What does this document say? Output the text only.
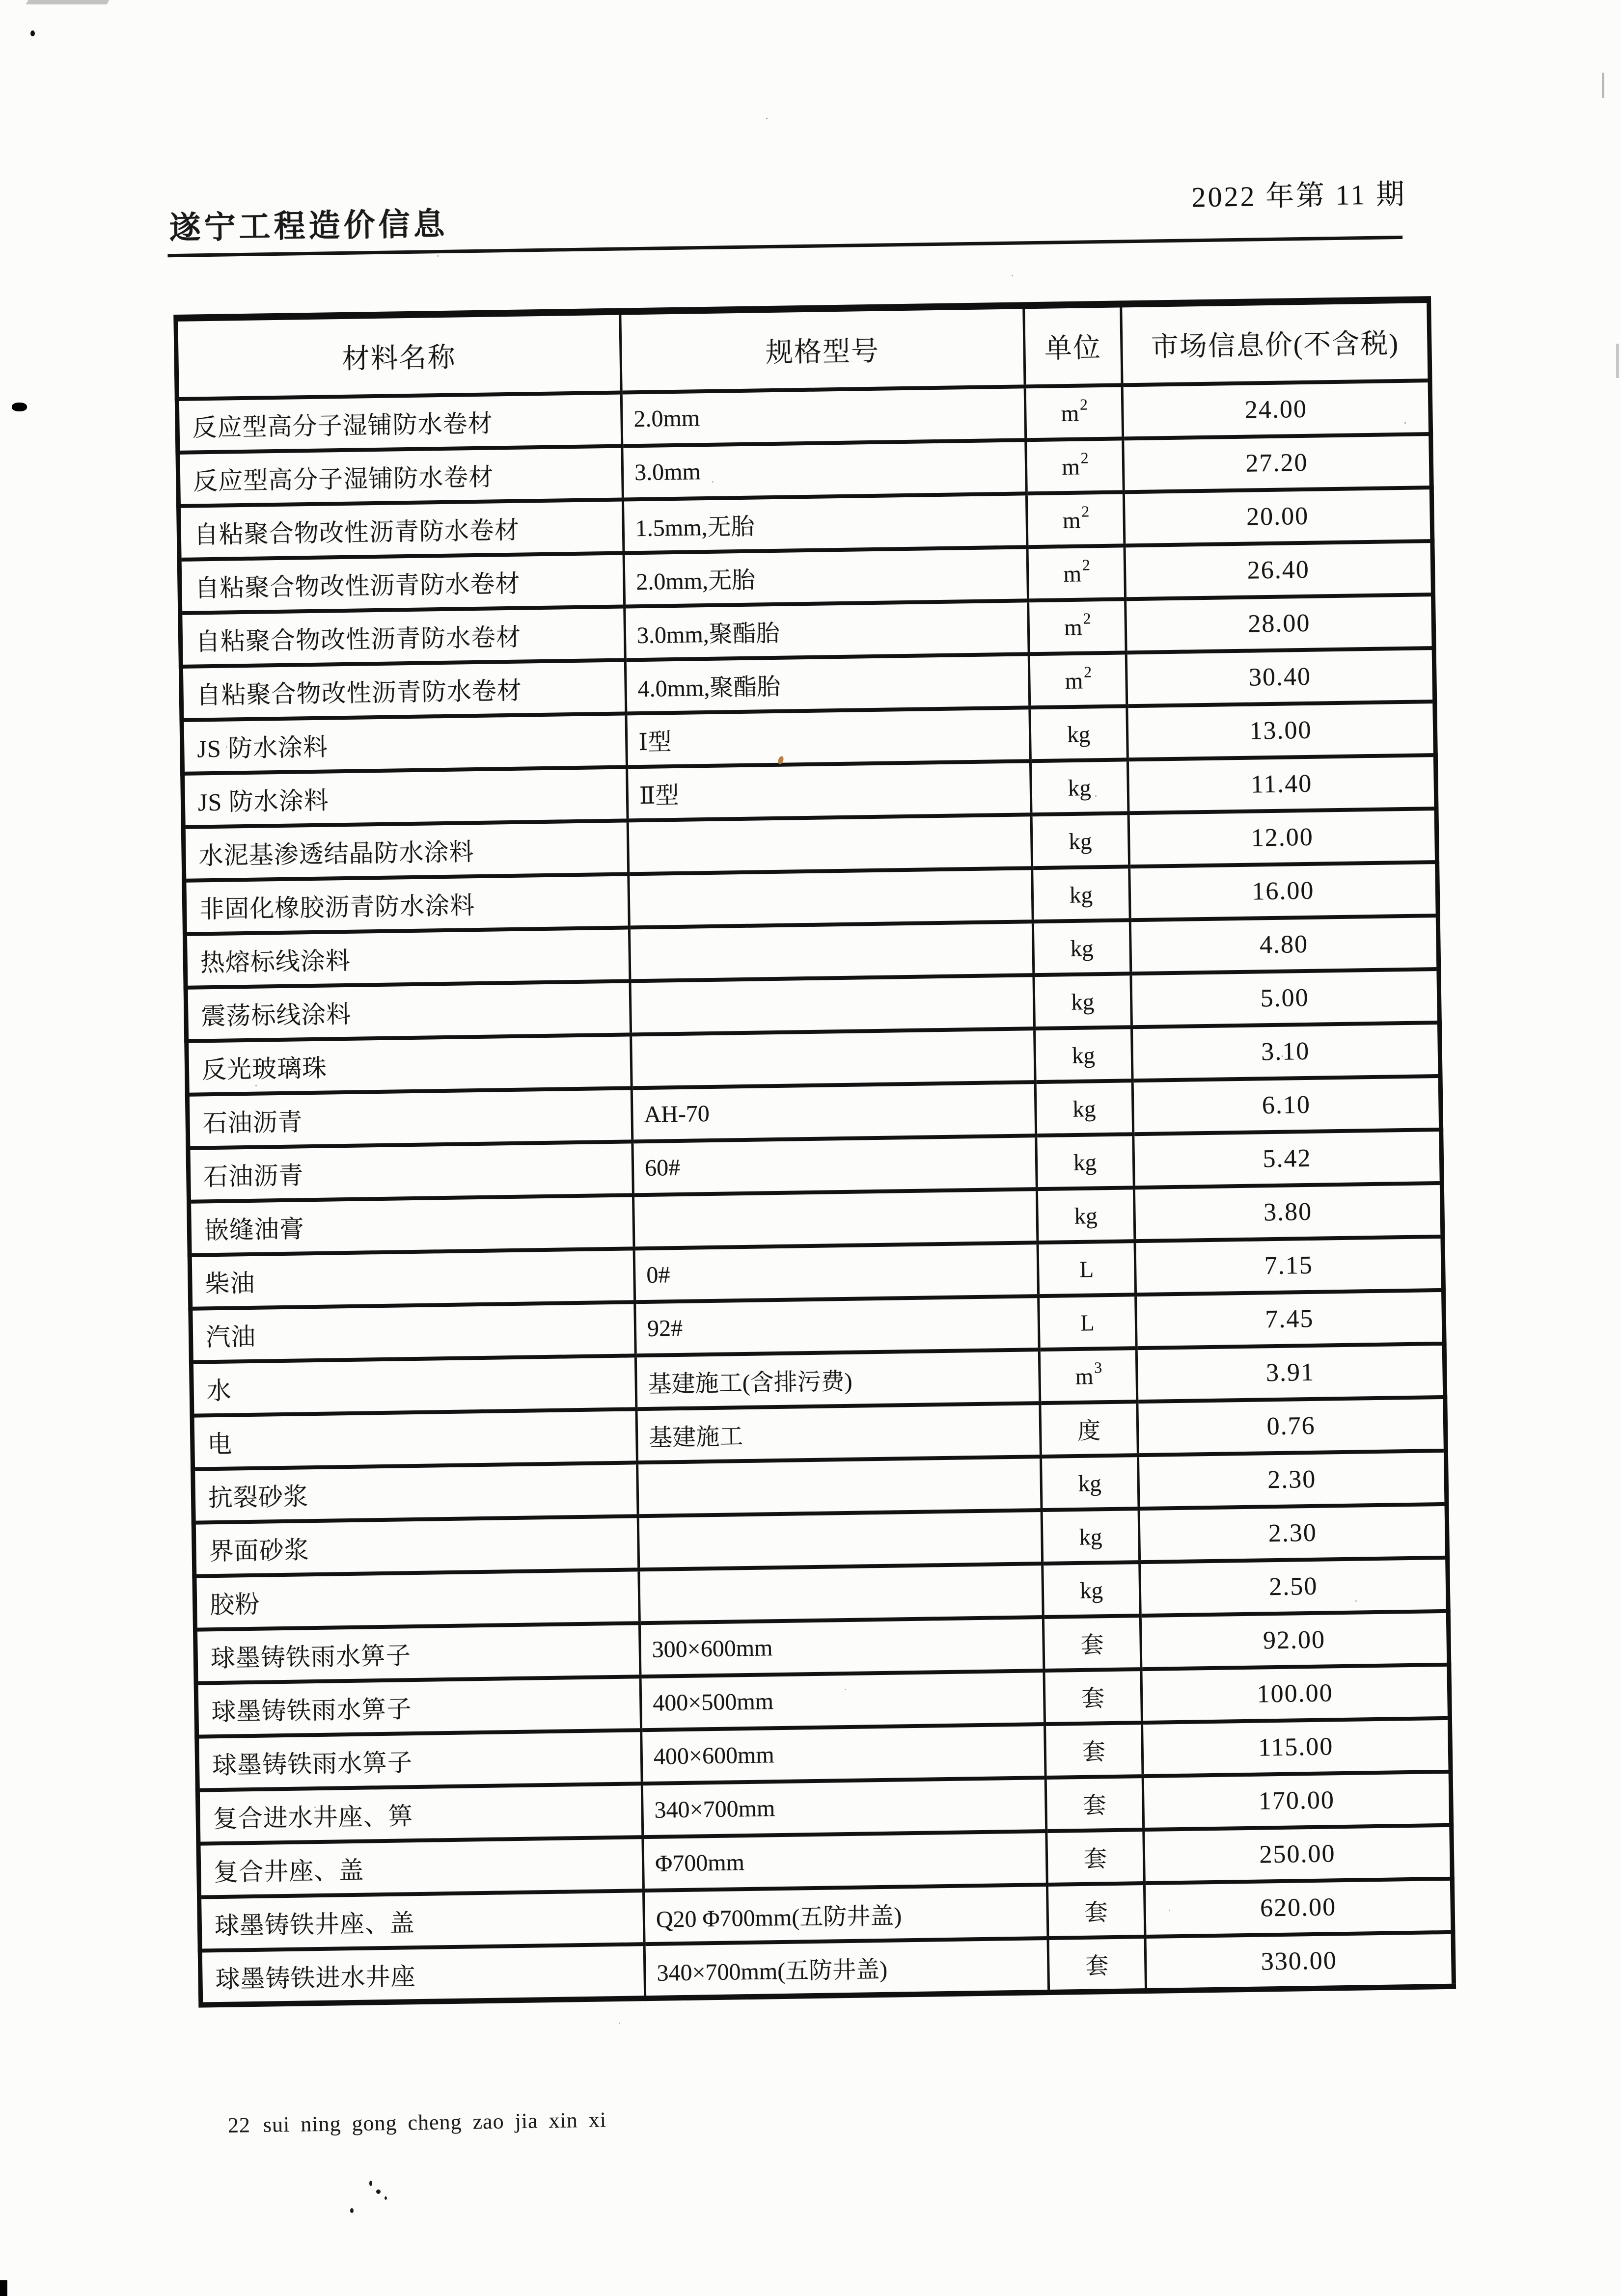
遂宁工程造价信息
2022 年第 11 期
材料名称	规格型号	单位	市场信息价(不含税)
反应型高分子湿铺防水卷材	2.0mm	$m^2$	24.00
反应型高分子湿铺防水卷材	3.0mm	$m^2$	27.20
自粘聚合物改性沥青防水卷材	1.5mm,无胎	$m^2$	20.00
自粘聚合物改性沥青防水卷材	2.0mm,无胎	$m^2$	26.40
自粘聚合物改性沥青防水卷材	3.0mm,聚酯胎	$m^2$	28.00
自粘聚合物改性沥青防水卷材	4.0mm,聚酯胎	$m^2$	30.40
JS 防水涂料	Ⅰ型	kg	13.00
JS 防水涂料	Ⅱ型	kg	11.40
水泥基渗透结晶防水涂料		kg	12.00
非固化橡胶沥青防水涂料		kg	16.00
热熔标线涂料		kg	4.80
震荡标线涂料		kg	5.00
反光玻璃珠		kg	3.10
石油沥青	AH-70	kg	6.10
石油沥青	60#	kg	5.42
嵌缝油膏		kg	3.80
柴油	0#	L	7.15
汽油	92#	L	7.45
水	基建施工(含排污费)	$m^3$	3.91
电	基建施工	度	0.76
抗裂砂浆		kg	2.30
界面砂浆		kg	2.30
胶粉		kg	2.50
球墨铸铁雨水箅子	300×600mm	套	92.00
球墨铸铁雨水箅子	400×500mm	套	100.00
球墨铸铁雨水箅子	400×600mm	套	115.00
复合进水井座、箅	340×700mm	套	170.00
复合井座、盖	Φ700mm	套	250.00
球墨铸铁井座、盖	Q20 Φ700mm(五防井盖)	套	620.00
球墨铸铁进水井座	340×700mm(五防井盖)	套	330.00
22 sui ning gong cheng zao jia xin xi
